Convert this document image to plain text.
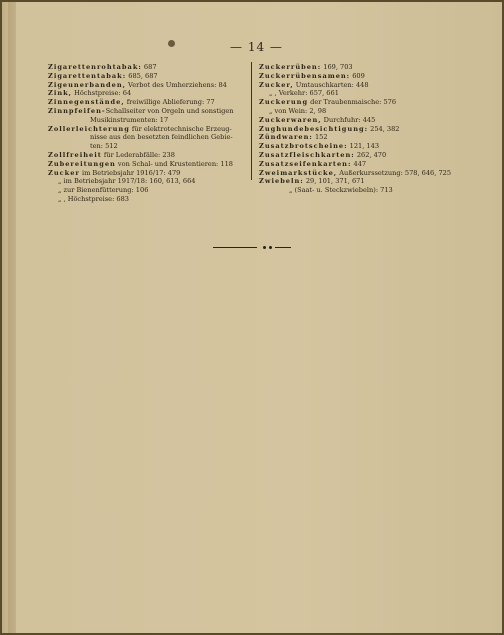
— 14 —
Zigarettenrohtabak: 687
Zigarettentabak: 685, 687
Zigeunerbanden, Verbot des Umherziehens: 84
Zink, Höchstpreise: 64
Zinnegenstände, freiwillige Ablieferung: 77
Zinnpfeifen-Schallseiter von Orgeln und sonstigen
Musikinstrumenten: 17
Zollerleichterung für elektrotechnische Erzeug-
nisse aus den besetzten feindlichen Gebie-
ten: 512
Zollfreiheit für Lederabfälle: 238
Zubereitungen von Schal- und Krustentieren: 118
Zucker im Betriebsjahr 1916/17: 479
„ im Betriebsjahr 1917/18: 160, 613, 664
„ zur Bienenfütterung: 106
„ , Höchstpreise: 683
Zuckerrüben: 169, 703
Zuckerrübensamen: 609
Zucker, Umtauschkarten: 448
„ , Verkehr: 657, 661
Zuckerung der Traubenmaische: 576
„ von Wein: 2, 98
Zuckerwaren, Durchfuhr: 445
Zughundebesichtigung: 254, 382
Zündwaren: 152
Zusatzbrotscheine: 121, 143
Zusatzfleischkarten: 262, 470
Zusatzseifenkarten: 447
Zweimarkstücke, Außerkurssetzung: 578, 646, 725
Zwiebeln: 29, 101, 371, 671
„ (Saat- u. Steckzwiebeln): 713
